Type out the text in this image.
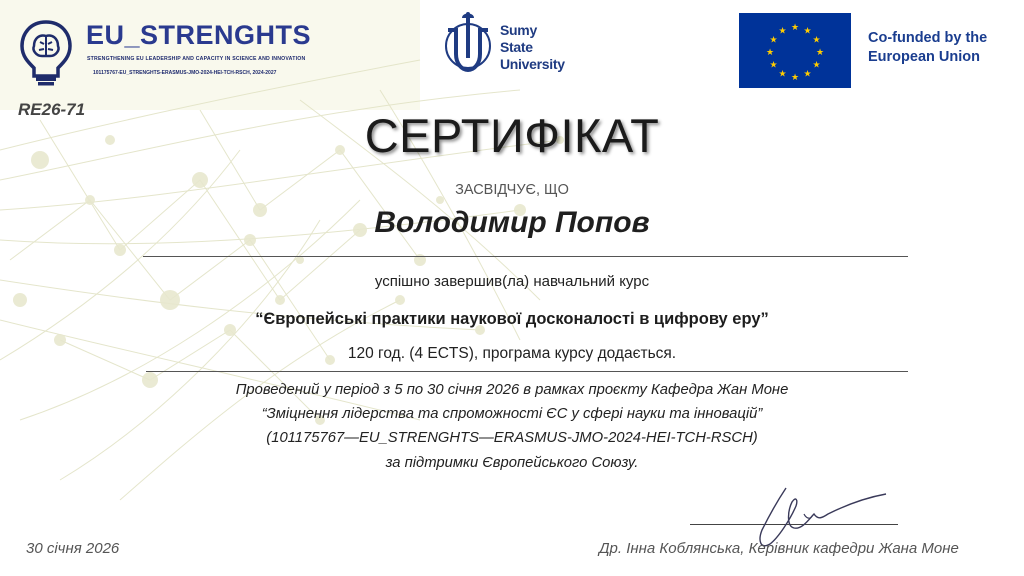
EU_STRENGHTS
STRENGTHENING EU LEADERSHIP AND CAPACITY IN SCIENCE AND INNOVATION
101175767-EU_STRENGHTS-ERASMUS-JMO-2024-HEI-TCH-RSCH, 2024-2027
Sumy
State
University
★ ★
★
★
★
★
★
★
★
★
★
★	Co-funded by the
European Union
RE26-71	СЕРТИФІКАТ
ЗАСВІДЧУЄ, ЩО
Володимир Попов
успішно завершив(ла) навчальний курс
“Європейські практики наукової досконалості в цифрову еру”
120 год. (4 ECTS), програма курсу додається.
Проведений у період з 5 по 30 січня 2026 в рамках проєкту Кафедра Жан Моне
“Зміцнення лідерства та спроможності ЄС у сфері науки та інновацій”
(101175767—EU_STRENGHTS—ERASMUS-JMO-2024-HEI-TCH-RSCH)
за підтримки Європейського Союзу.
30 січня 2026	Др. Інна Коблянська, Керівник кафедри Жана Моне
